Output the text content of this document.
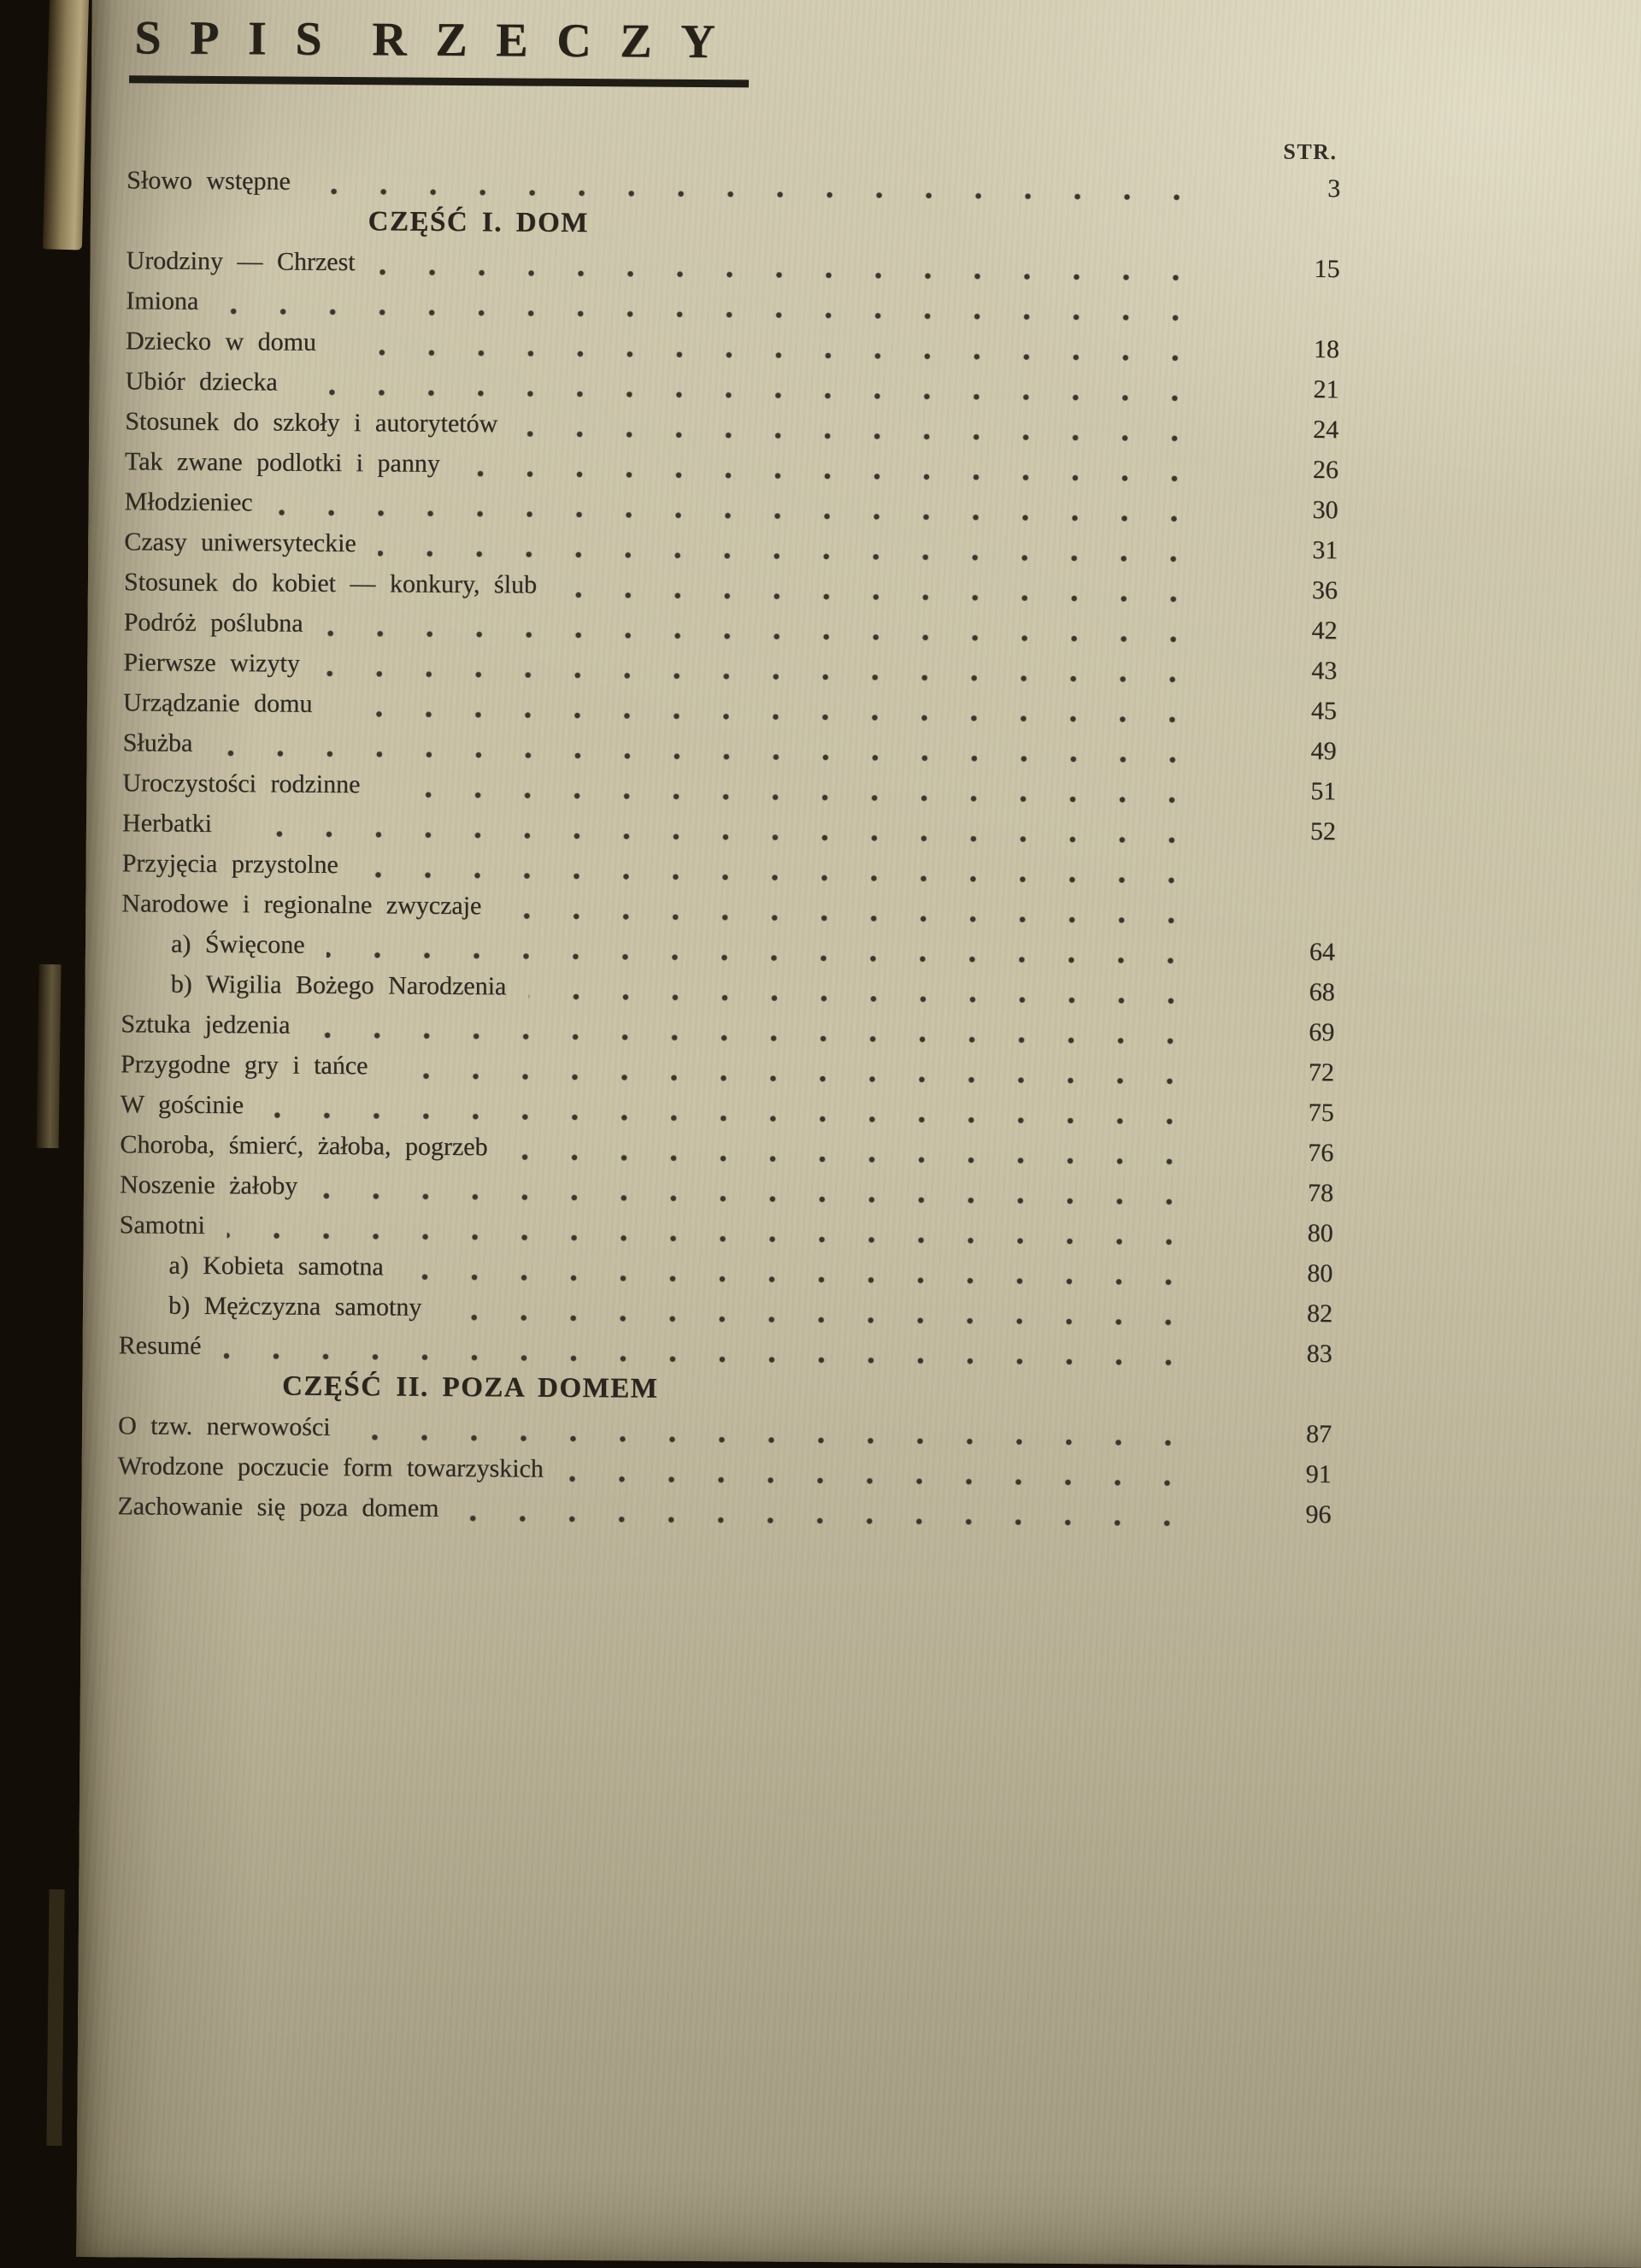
SPIS RZECZY
STR.
Słowo wstępne	3
CZĘŚĆ I. DOM
Urodziny — Chrzest	15
Imiona
Dziecko w domu	18
Ubiór dziecka	21
Stosunek do szkoły i autorytetów	24
Tak zwane podlotki i panny	26
Młodzieniec	30
Czasy uniwersyteckie	31
Stosunek do kobiet — konkury, ślub	36
Podróż poślubna	42
Pierwsze wizyty	43
Urządzanie domu	45
Służba	49
Uroczystości rodzinne	51
Herbatki	52
Przyjęcia przystolne
Narodowe i regionalne zwyczaje
a) Święcone	64
b) Wigilia Bożego Narodzenia	68
Sztuka jedzenia	69
Przygodne gry i tańce	72
W gościnie	75
Choroba, śmierć, żałoba, pogrzeb	76
Noszenie żałoby	78
Samotni	80
a) Kobieta samotna	80
b) Mężczyzna samotny	82
Resumé	83
CZĘŚĆ II. POZA DOMEM
O tzw. nerwowości	87
Wrodzone poczucie form towarzyskich	91
Zachowanie się poza domem	96
